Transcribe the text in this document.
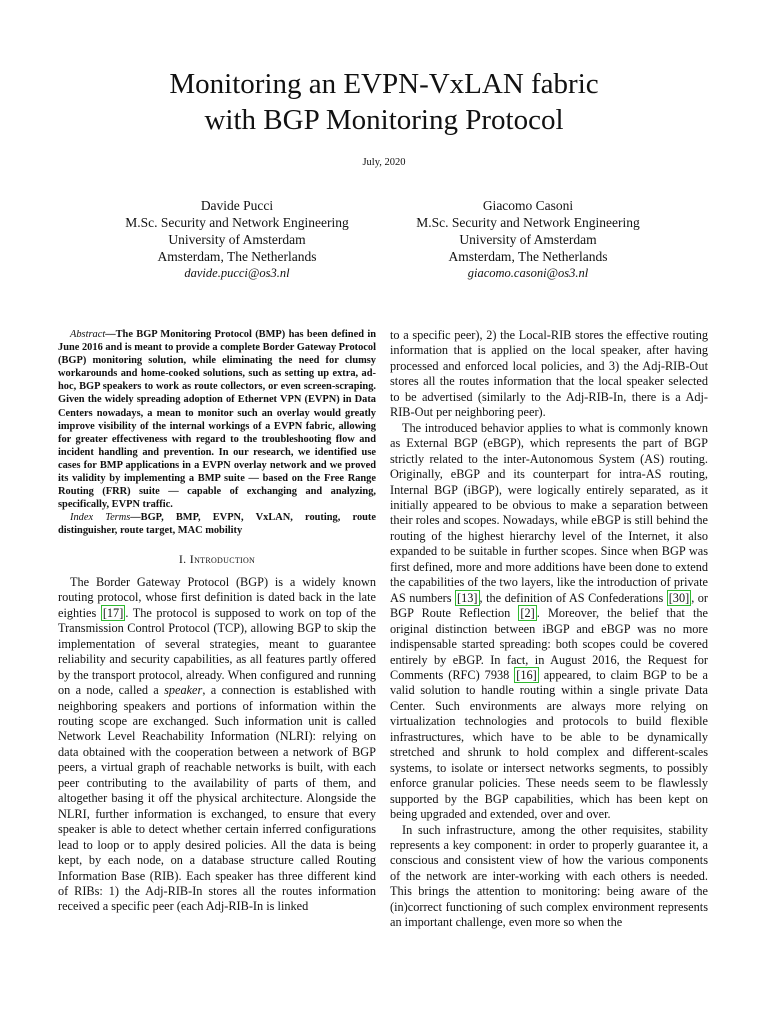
Monitoring an EVPN-VxLAN fabric
with BGP Monitoring Protocol
July, 2020
Davide Pucci
M.Sc. Security and Network Engineering
University of Amsterdam
Amsterdam, The Netherlands
davide.pucci@os3.nl
Giacomo Casoni
M.Sc. Security and Network Engineering
University of Amsterdam
Amsterdam, The Netherlands
giacomo.casoni@os3.nl

Abstract—The BGP Monitoring Protocol (BMP) has been defined in June 2016 and is meant to provide a complete Border Gateway Protocol (BGP) monitoring solution, while eliminating the need for clumsy workarounds and home-cooked solutions, such as setting up extra, ad-hoc, BGP speakers to work as route collectors, or even screen-scraping. Given the widely spreading adoption of Ethernet VPN (EVPN) in Data Centers nowadays, a mean to monitor such an overlay would greatly improve visibility of the internal workings of a EVPN fabric, allowing for greater effectiveness with regard to the troubleshooting flow and incident handling and prevention. In our research, we identified use cases for BMP applications in a EVPN overlay network and we proved its validity by implementing a BMP suite — based on the Free Range Routing (FRR) suite — capable of exchanging and analyzing, specifically, EVPN traffic.

Index Terms—BGP, BMP, EVPN, VxLAN, routing, route distinguisher, route target, MAC mobility

I. Introduction

The Border Gateway Protocol (BGP) is a widely known routing protocol, whose first definition is dated back in the late eighties [17] . The protocol is supposed to work on top of the Transmission Control Protocol (TCP), allowing BGP to skip the implementation of several strategies, meant to guarantee reliability and security capabilities, as all features partly offered by the transport protocol, already. When configured and running on a node, called a speaker, a connection is established with neighboring speakers and portions of information within the routing scope are exchanged. Such information unit is called Network Level Reachability Information (NLRI): relying on data obtained with the cooperation between a network of BGP peers, a virtual graph of reachable networks is built, with each peer contributing to the availability of parts of them, and altogether basing it off the physical architecture. Alongside the NLRI, further information is exchanged, to ensure that every speaker is able to detect whether certain inferred configurations lead to loop or to apply desired policies. All the data is being kept, by each node, on a database structure called Routing Information Base (RIB). Each speaker has three different kind of RIBs: 1) the Adj-RIB-In stores all the routes information received a specific peer (each Adj-RIB-In is linked

to a specific peer), 2) the Local-RIB stores the effective routing information that is applied on the local speaker, after having processed and enforced local policies, and 3) the Adj-RIB-Out stores all the routes information that the local speaker selected to be advertised (similarly to the Adj-RIB-In, there is a Adj-RIB-Out per neighboring peer).

The introduced behavior applies to what is commonly known as External BGP (eBGP), which represents the part of BGP strictly related to the inter-Autonomous System (AS) routing. Originally, eBGP and its counterpart for intra-AS routing, Internal BGP (iBGP), were logically entirely separated, as it initially appeared to be obvious to make a separation between their roles and scopes. Nowadays, while eBGP is still behind the routing of the highest hierarchy level of the Internet, it also expanded to be suitable in further scopes. Since when BGP was first defined, more and more additions have been done to extend the capabilities of the two layers, like the introduction of private AS numbers [13] , the definition of AS Confederations [30] , or BGP Route Reflection [2] . Moreover, the belief that the original distinction between iBGP and eBGP was no more indispensable started spreading: both scopes could be covered entirely by eBGP. In fact, in August 2016, the Request for Comments (RFC) 7938 [16] appeared, to claim BGP to be a valid solution to handle routing within a single private Data Center. Such environments are always more relying on virtualization technologies and protocols to build flexible infrastructures, which have to be able to be dynamically stretched and shrunk to hold complex and different-scales systems, to isolate or intersect networks segments, to possibly enforce granular policies. These needs seem to be flawlessly supported by the BGP capabilities, which has been kept on being upgraded and extended, over and over.

In such infrastructure, among the other requisites, stability represents a key component: in order to properly guarantee it, a conscious and consistent view of how the various components of the network are inter-working with each others is needed. This brings the attention to monitoring: being aware of the (in)correct functioning of such complex environment represents an important challenge, even more so when the
